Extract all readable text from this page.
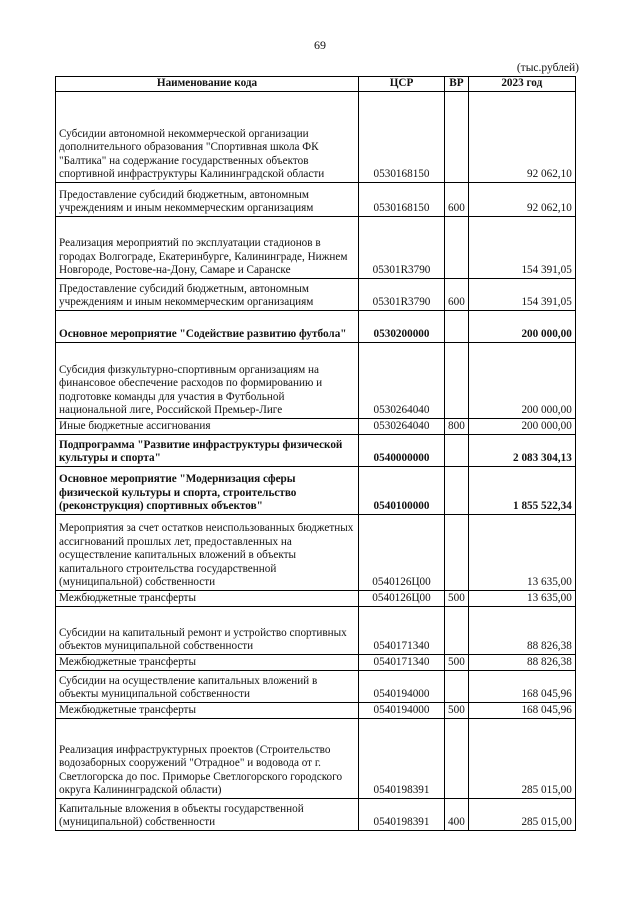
69
(тыс.рублей)
Наименование кода	ЦСР	ВР	2023 год
Субсидии автономной некоммерческой организации дополнительного образования "Спортивная школа ФК "Балтика" на содержание государственных объектов спортивной инфраструктуры Калининградской области	0530168150		92 062,10
Предоставление субсидий бюджетным, автономным учреждениям и иным некоммерческим организациям	0530168150	600	92 062,10
Реализация мероприятий по эксплуатации стадионов в городах Волгограде, Екатеринбурге, Калининграде, Нижнем Новгороде, Ростове-на-Дону, Самаре и Саранске	05301R3790		154 391,05
Предоставление субсидий бюджетным, автономным учреждениям и иным некоммерческим организациям	05301R3790	600	154 391,05
Основное мероприятие "Содействие развитию футбола"	0530200000		200 000,00
Субсидия физкультурно-спортивным организациям на финансовое обеспечение расходов по формированию и подготовке команды для участия в Футбольной национальной лиге, Российской Премьер-Лиге	0530264040		200 000,00
Иные бюджетные ассигнования	0530264040	800	200 000,00
Подпрограмма "Развитие инфраструктуры физической культуры и спорта"	0540000000		2 083 304,13
Основное мероприятие "Модернизация сферы физической культуры и спорта, строительство (реконструкция) спортивных объектов"	0540100000		1 855 522,34
Мероприятия за счет остатков неиспользованных бюджетных ассигнований прошлых лет, предоставленных на осуществление капитальных вложений в объекты капитального строительства государственной (муниципальной) собственности	0540126Ц00		13 635,00
Межбюджетные трансферты	0540126Ц00	500	13 635,00
Субсидии на капитальный ремонт и устройство спортивных объектов муниципальной собственности	0540171340		88 826,38
Межбюджетные трансферты	0540171340	500	88 826,38
Субсидии на осуществление капитальных вложений в объекты муниципальной собственности	0540194000		168 045,96
Межбюджетные трансферты	0540194000	500	168 045,96
Реализация инфраструктурных проектов (Строительство водозаборных сооружений "Отрадное" и водовода от г. Светлогорска до пос. Приморье Светлогорского городского округа Калининградской области)	0540198391		285 015,00
Капитальные вложения в объекты государственной (муниципальной) собственности	0540198391	400	285 015,00
